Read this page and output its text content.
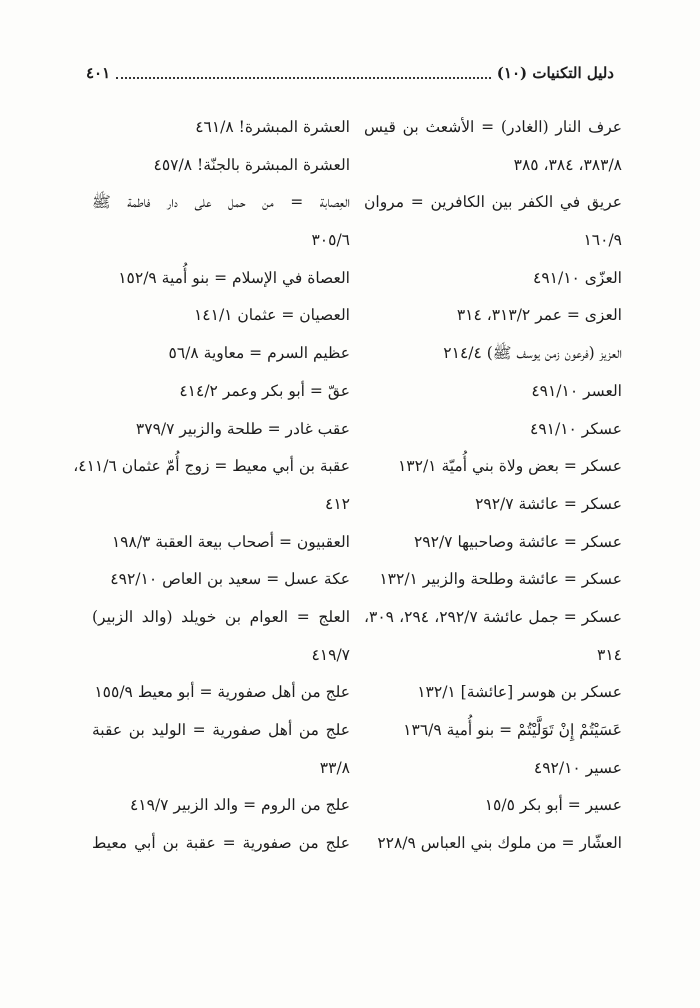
دليل التكنيات (١٠)
٤٠١
عرف النار (الغادر) = الأشعث بن قيس
٣٨٣/٨، ٣٨٤، ٣٨٥
عريق في الكفر بين الكافرين = مروان
١٦٠/٩
العزّى ٤٩١/١٠
العزى = عمر ٣١٣/٢، ٣١٤
العزيز (فرعون زمن يوسف ﷺ) ٢١٤/٤
العسر ٤٩١/١٠
عسكر ٤٩١/١٠
عسكر = بعض ولاة بني أُميّة ١٣٢/١
عسكر = عائشة ٢٩٢/٧
عسكر = عائشة وصاحبيها ٢٩٢/٧
عسكر = عائشة وطلحة والزبير ١٣٢/١
عسكر = جمل عائشة ٢٩٢/٧، ٢٩٤، ٣٠٩،
٣١٤
عسكر بن هوسر [عائشة] ١٣٢/١
عَسَيْتُمْ إِنْ تَوَلَّيْتُمْ = بنو أُمية ١٣٦/٩
عسير ٤٩٢/١٠
عسير = أبو بكر ١٥/٥
العشّار = من ملوك بني العباس ٢٢٨/٩
العشرة المبشرة! ٤٦١/٨
العشرة المبشرة بالجنّة! ٤٥٧/٨
العِصابة = من حمل على دار فاطمة ﷺ
٣٠٥/٦
العصاة في الإسلام = بنو أُمية ١٥٢/٩
العصيان = عثمان ١٤١/١
عظيم السرم = معاوية ٥٦/٨
عقّ = أبو بكر وعمر ٤١٤/٢
عقب غادر = طلحة والزبير ٣٧٩/٧
عقبة بن أبي معيط = زوج أُمّ عثمان ٤١١/٦،
٤١٢
العقبيون = أصحاب بيعة العقبة ١٩٨/٣
عكة عسل = سعيد بن العاص ٤٩٢/١٠
العلج = العوام بن خويلد (والد الزبير)
٤١٩/٧
علج من أهل صفورية = أبو معيط ١٥٥/٩
علج من أهل صفورية = الوليد بن عقبة
٣٣/٨
علج من الروم = والد الزبير ٤١٩/٧
علج من صفورية = عقبة بن أبي معيط
